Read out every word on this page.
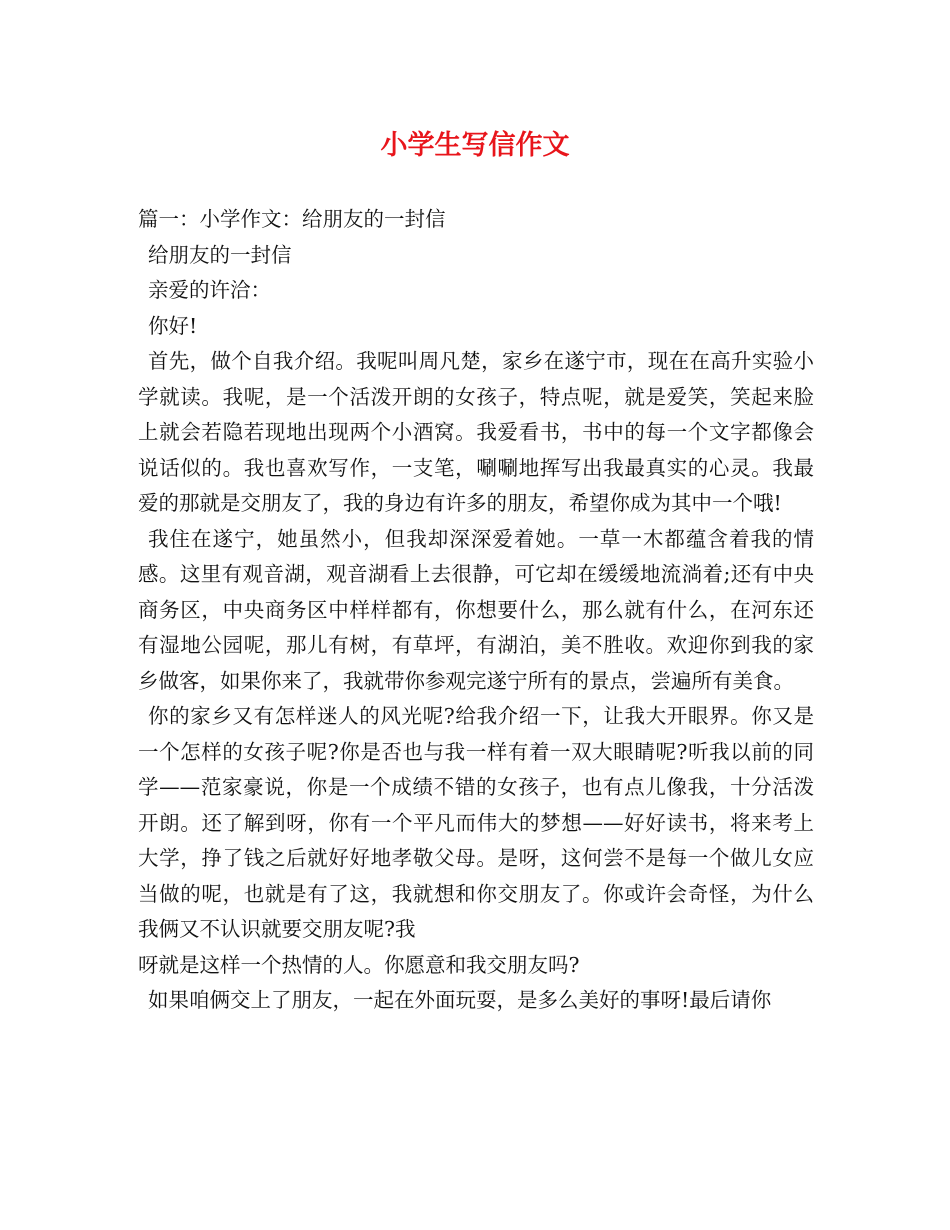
小学生写信作文

篇一：小学作文：给朋友的一封信

给朋友的一封信

亲爱的许洽：

你好!

首先，做个自我介绍。我呢叫周凡楚，家乡在遂宁市，现在在高升实验小学就读。我呢，是一个活泼开朗的女孩子，特点呢，就是爱笑，笑起来脸上就会若隐若现地出现两个小酒窝。我爱看书，书中的每一个文字都像会说话似的。我也喜欢写作，一支笔，唰唰地挥写出我最真实的心灵。我最爱的那就是交朋友了，我的身边有许多的朋友，希望你成为其中一个哦!

我住在遂宁，她虽然小，但我却深深爱着她。一草一木都蕴含着我的情感。这里有观音湖，观音湖看上去很静，可它却在缓缓地流淌着;还有中央商务区，中央商务区中样样都有，你想要什么，那么就有什么，在河东还有湿地公园呢，那儿有树，有草坪，有湖泊，美不胜收。欢迎你到我的家乡做客，如果你来了，我就带你参观完遂宁所有的景点，尝遍所有美食。

你的家乡又有怎样迷人的风光呢?给我介绍一下，让我大开眼界。你又是一个怎样的女孩子呢?你是否也与我一样有着一双大眼睛呢?听我以前的同学——范家豪说，你是一个成绩不错的女孩子，也有点儿像我，十分活泼开朗。还了解到呀，你有一个平凡而伟大的梦想——好好读书，将来考上大学，挣了钱之后就好好地孝敬父母。是呀，这何尝不是每一个做儿女应当做的呢，也就是有了这，我就想和你交朋友了。你或许会奇怪，为什么我俩又不认识就要交朋友呢?我

呀就是这样一个热情的人。你愿意和我交朋友吗?

如果咱俩交上了朋友，一起在外面玩耍，是多么美好的事呀!最后请你
